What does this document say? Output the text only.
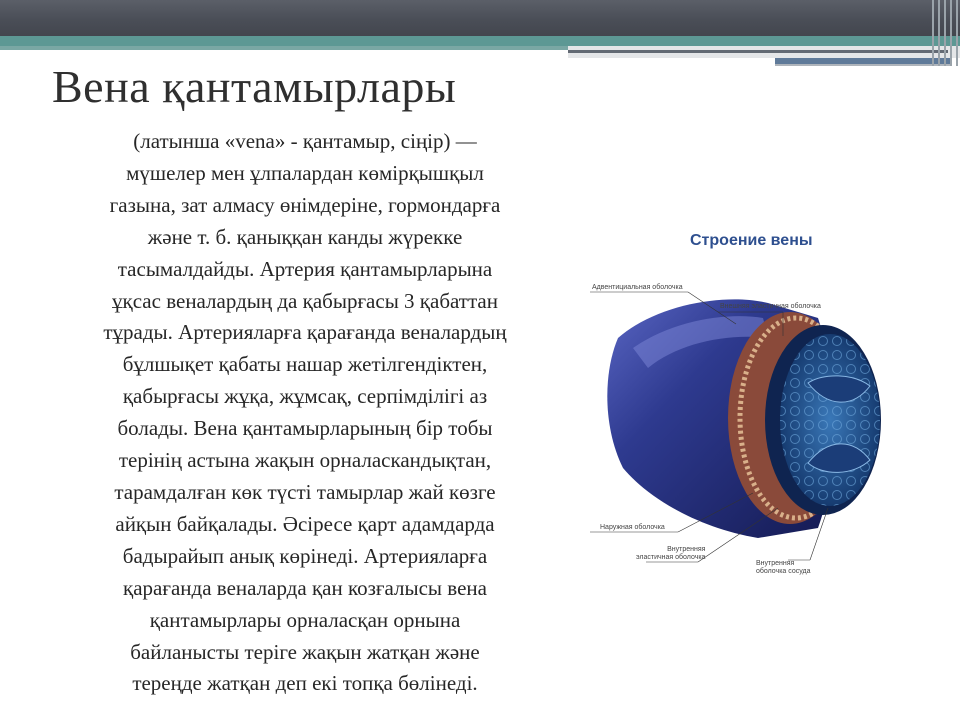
Вена қантамырлары
(латынша «vena» - қантамыр, сіңір) —
мүшелер мен ұлпалардан көмірқышқыл
газына, зат алмасу өнімдеріне, гормондарға
және т. б. қаныққан канды жүрекке
тасымалдайды. Артерия қантамырларына
ұқсас веналардың да қабырғасы 3 қабаттан
тұрады. Артерияларға қарағанда веналардың
бұлшықет қабаты нашар жетілгендіктен,
қабырғасы жұқа, жұмсақ, серпімділігі аз
болады. Вена қантамырларының бір тобы
терінің астына жақын орналаскандықтан,
тарамдалған көк түсті тамырлар жай көзге
айқын байқалады. Әсіресе қарт адамдарда
бадырайып анық көрінеді. Артерияларға
қарағанда веналарда қан козғалысы вена
қантамырлары орналасқан орнына
байланысты теріге жақын жатқан және
тереңде жатқан деп екі топқа бөлінеді.
Строение вены
Адвентициальная оболочка
Внешняя эластичная оболочка
Наружная оболочка
Внутренняя
эластичная оболочка
Внутренняя
оболочка сосуда
